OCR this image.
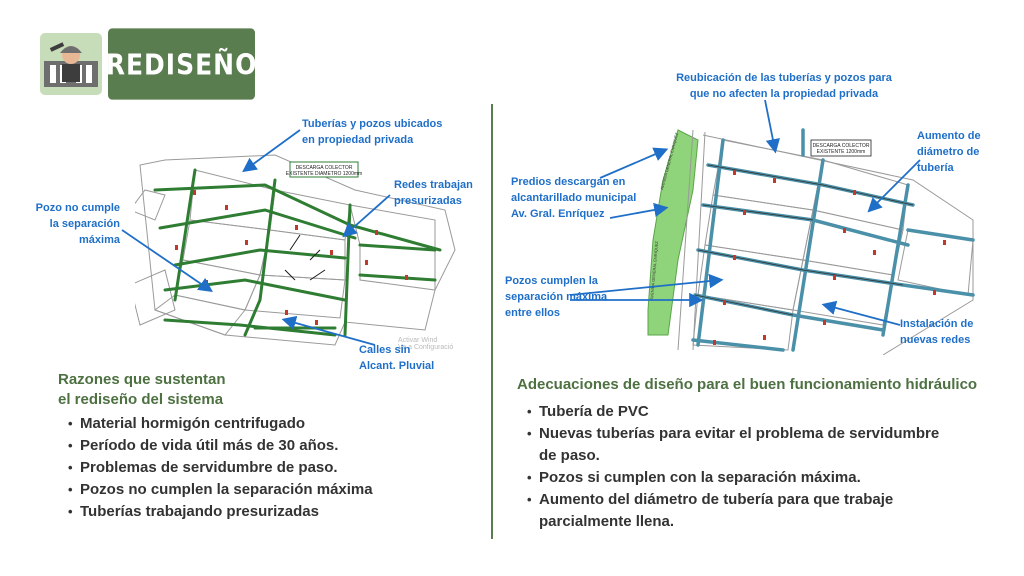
REDISEÑO
DESCARGA COLECTOR
EXISTENTE DIAMETRO 1200mm
Activar Wind
Ve a Configuració
Tuberías y pozos ubicados
en propiedad privada
Pozo no cumple
la separación
máxima
Redes trabajan
presurizadas
Calles sin
Alcant. Pluvial
DESCARGA COLECTOR
EXISTENTE 1200mm
AVENIDA GENERAL ENRIQUEZ
AVENIDA GENERAL ENRIQUEZ
Reubicación de las tuberías y pozos para
que no afecten la propiedad privada
Aumento de
diámetro de
tubería
Predios descargan en
alcantarillado municipal
Av. Gral. Enríquez
Pozos cumplen la
separación máxima
entre ellos
Instalación de
nuevas redes
Razones que sustentan
el rediseño del sistema
• Material hormigón centrifugado
• Período de vida útil más de 30 años.
• Problemas de servidumbre de paso.
• Pozos no cumplen la separación máxima
• Tuberías trabajando presurizadas
Adecuaciones de diseño para el buen funcionamiento hidráulico
• Tubería de PVC
• Nuevas tuberías para evitar el problema de servidumbre
de paso.
• Pozos si cumplen con la separación máxima.
• Aumento del diámetro de tubería para que trabaje
parcialmente llena.
